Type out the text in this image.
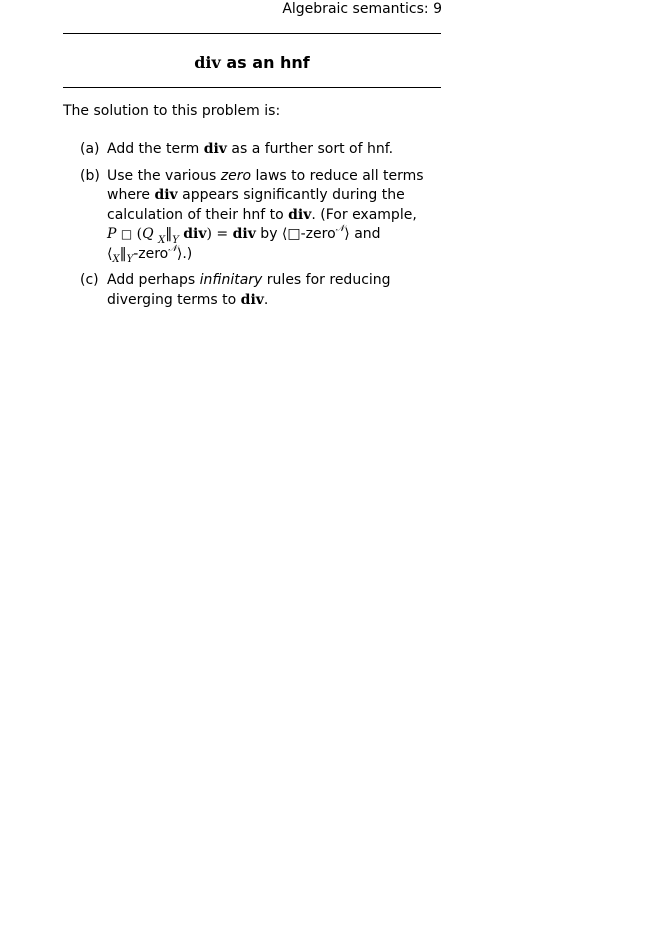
Algebraic semantics: 9
div as an hnf
The solution to this problem is:
(a) Add the term div as a further sort of hnf.
(b) Use the various zero laws to reduce all terms where div appears significantly during the calculation of their hnf to div. (For example,
P □ (Q $_X‖_Y$ div) = div by ⟨□-zero$^𝒩$⟩ and
$⟨_X‖_Y-zero^𝒩⟩$.)
(c) Add perhaps infinitary rules for reducing diverging terms to div.
